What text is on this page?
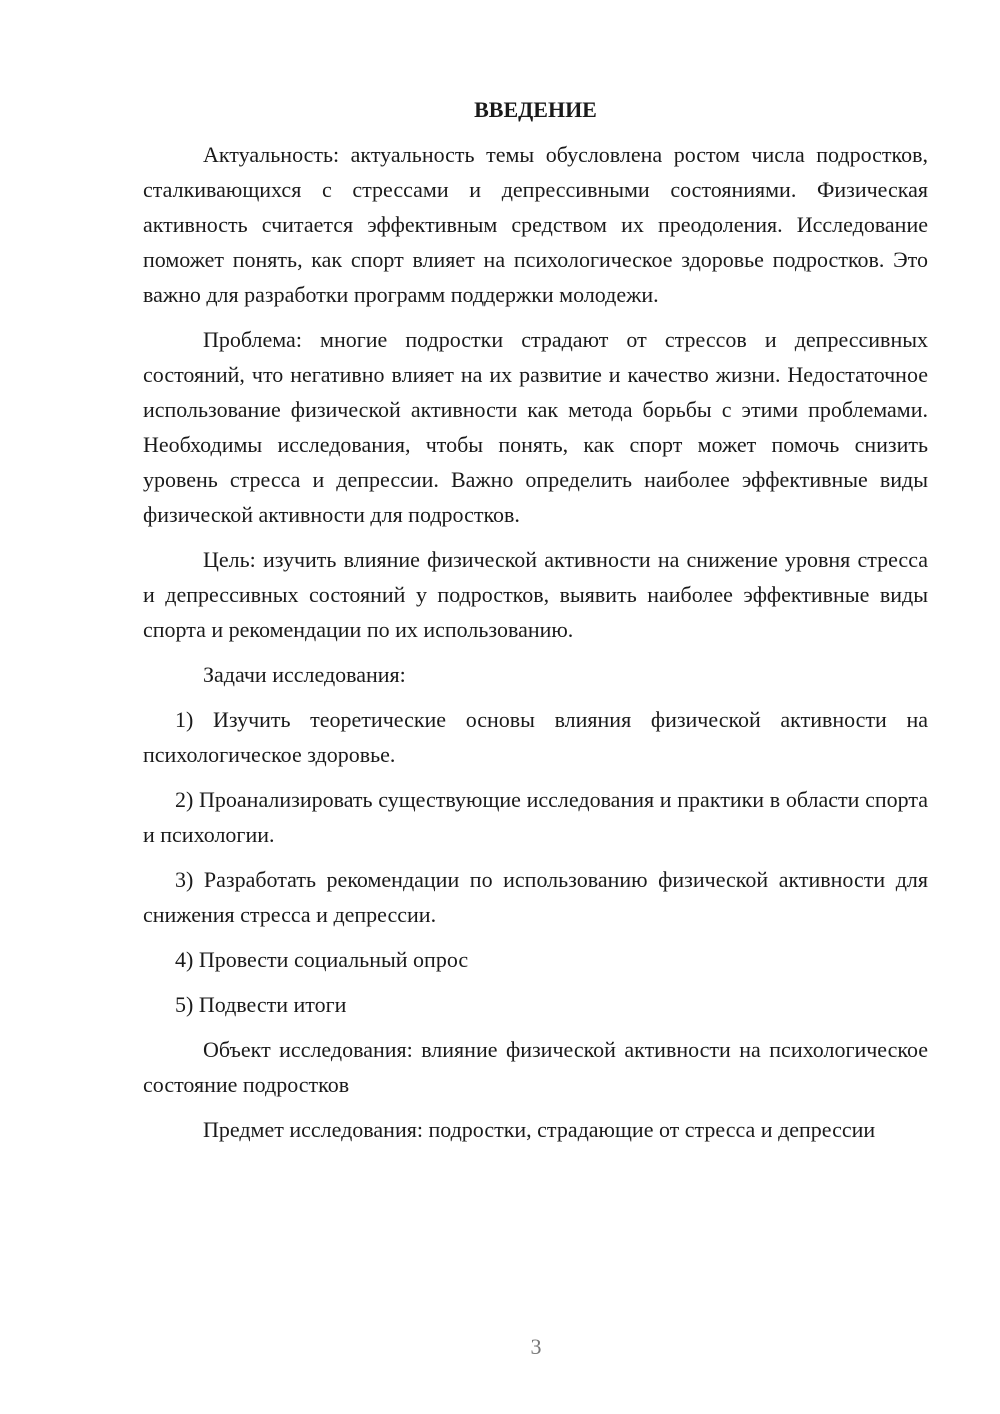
ВВЕДЕНИЕ

Актуальность: актуальность темы обусловлена ростом числа подростков, сталкивающихся с стрессами и депрессивными состояниями. Физическая активность считается эффективным средством их преодоления. Исследование поможет понять, как спорт влияет на психологическое здоровье подростков. Это важно для разработки программ поддержки молодежи.

Проблема: многие подростки страдают от стрессов и депрессивных состояний, что негативно влияет на их развитие и качество жизни. Недостаточное использование физической активности как метода борьбы с этими проблемами. Необходимы исследования, чтобы понять, как спорт может помочь снизить уровень стресса и депрессии. Важно определить наиболее эффективные виды физической активности для подростков.

Цель: изучить влияние физической активности на снижение уровня стресса и депрессивных состояний у подростков, выявить наиболее эффективные виды спорта и рекомендации по их использованию.

Задачи исследования:

1) Изучить теоретические основы влияния физической активности на психологическое здоровье.

2) Проанализировать существующие исследования и практики в области спорта и психологии.

3) Разработать рекомендации по использованию физической активности для снижения стресса и депрессии.

4) Провести социальный опрос

5) Подвести итоги

Объект исследования: влияние физической активности на психологическое состояние подростков

Предмет исследования: подростки, страдающие от стресса и депрессии

3
